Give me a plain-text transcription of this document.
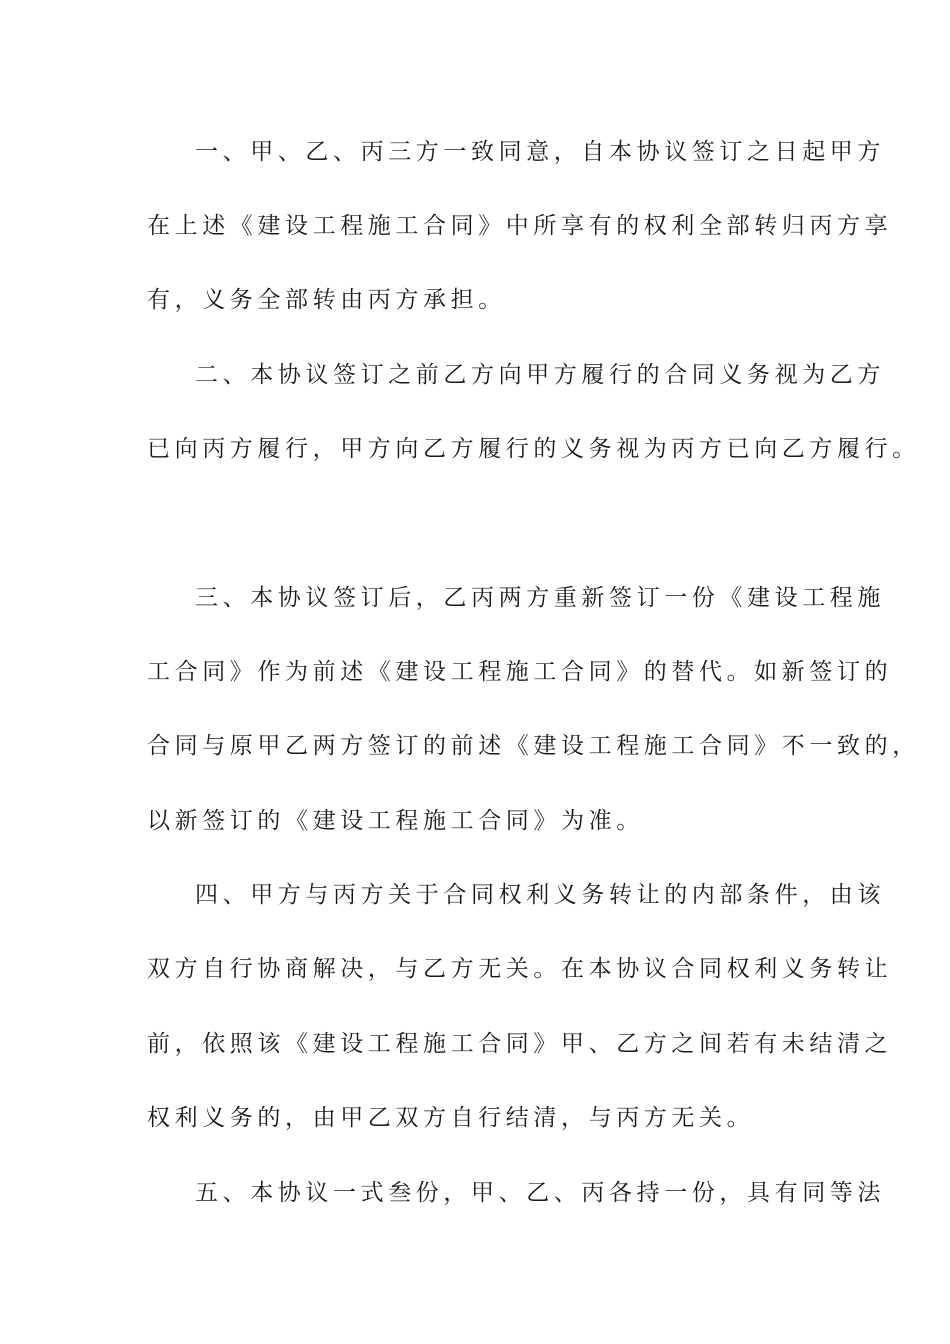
一、甲、乙、丙三方一致同意，自本协议签订之日起甲方
在上述《建设工程施工合同》中所享有的权利全部转归丙方享
有，义务全部转由丙方承担。
二、本协议签订之前乙方向甲方履行的合同义务视为乙方
已向丙方履行，甲方向乙方履行的义务视为丙方已向乙方履行。
三、本协议签订后，乙丙两方重新签订一份《建设工程施
工合同》作为前述《建设工程施工合同》的替代。如新签订的
合同与原甲乙两方签订的前述《建设工程施工合同》不一致的，
以新签订的《建设工程施工合同》为准。
四、甲方与丙方关于合同权利义务转让的内部条件，由该
双方自行协商解决，与乙方无关。在本协议合同权利义务转让
前，依照该《建设工程施工合同》甲、乙方之间若有未结清之
权利义务的，由甲乙双方自行结清，与丙方无关。
五、本协议一式叁份，甲、乙、丙各持一份，具有同等法
